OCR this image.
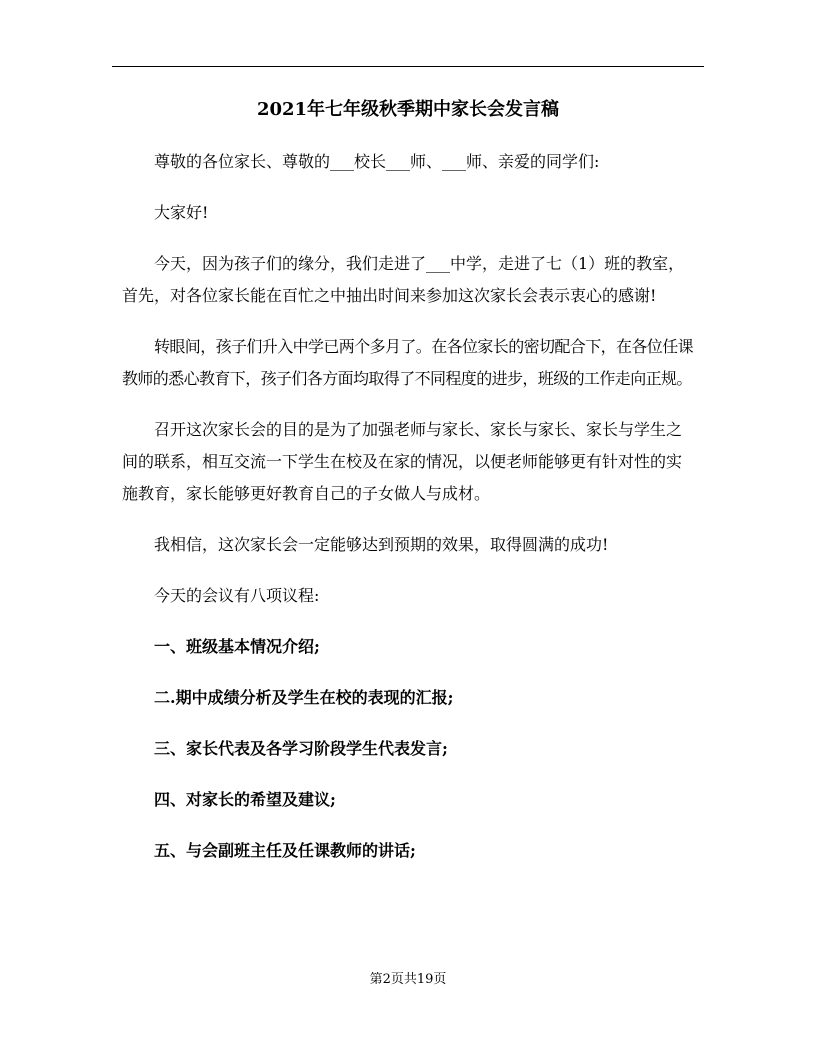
2021年七年级秋季期中家长会发言稿

尊敬的各位家长、尊敬的___校长___师、___师、亲爱的同学们:

大家好!

今天，因为孩子们的缘分，我们走进了___中学，走进了七（1）班的教室，首先，对各位家长能在百忙之中抽出时间来参加这次家长会表示衷心的感谢!

转眼间，孩子们升入中学已两个多月了。在各位家长的密切配合下，在各位任课教师的悉心教育下，孩子们各方面均取得了不同程度的进步，班级的工作走向正规。

召开这次家长会的目的是为了加强老师与家长、家长与家长、家长与学生之间的联系，相互交流一下学生在校及在家的情况，以便老师能够更有针对性的实施教育，家长能够更好教育自己的子女做人与成材。

我相信，这次家长会一定能够达到预期的效果，取得圆满的成功!

今天的会议有八项议程:

一、班级基本情况介绍;

二.期中成绩分析及学生在校的表现的汇报;

三、家长代表及各学习阶段学生代表发言;

四、对家长的希望及建议;

五、与会副班主任及任课教师的讲话;

第2页共19页
